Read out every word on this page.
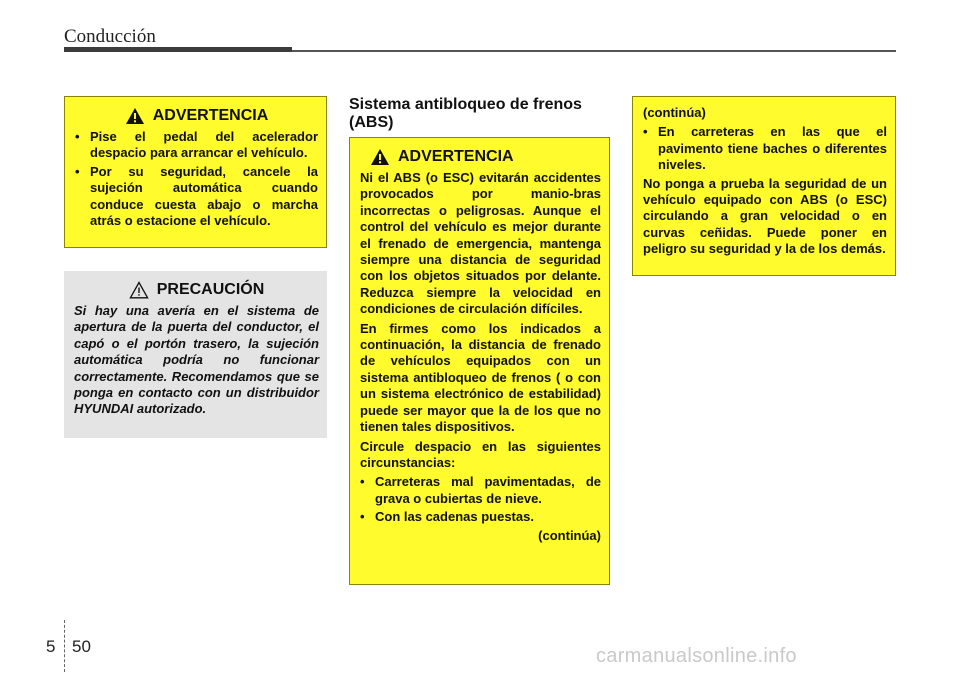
Conducción
ADVERTENCIA
• Pise el pedal del acelerador despacio para arrancar el vehículo.
• Por su seguridad, cancele la sujeción automática cuando conduce cuesta abajo o marcha atrás o estacione el vehículo.
PRECAUCIÓN
Si hay una avería en el sistema de apertura de la puerta del conductor, el capó o el portón trasero, la sujeción automática podría no funcionar correctamente. Recomendamos que se ponga en contacto con un distribuidor HYUNDAI autorizado.
Sistema antibloqueo de frenos (ABS)
ADVERTENCIA

Ni el ABS (o ESC) evitarán accidentes provocados por manio-bras incorrectas o peligrosas. Aunque el control del vehículo es mejor durante el frenado de emergencia, mantenga siempre una distancia de seguridad con los objetos situados por delante. Reduzca siempre la velocidad en condiciones de circulación difíciles.

En firmes como los indicados a continuación, la distancia de frenado de vehículos equipados con un sistema antibloqueo de frenos ( o con un sistema electrónico de estabilidad) puede ser mayor que la de los que no tienen tales dispositivos.

Circule despacio en las siguientes circunstancias:

• Carreteras mal pavimentadas, de grava o cubiertas de nieve.
• Con las cadenas puestas.
(continúa)

(continúa)

• En carreteras en las que el pavimento tiene baches o diferentes niveles.

No ponga a prueba la seguridad de un vehículo equipado con ABS (o ESC) circulando a gran velocidad o en curvas ceñidas. Puede poner en peligro su seguridad y la de los demás.

5 50	carmanualsonline.info
